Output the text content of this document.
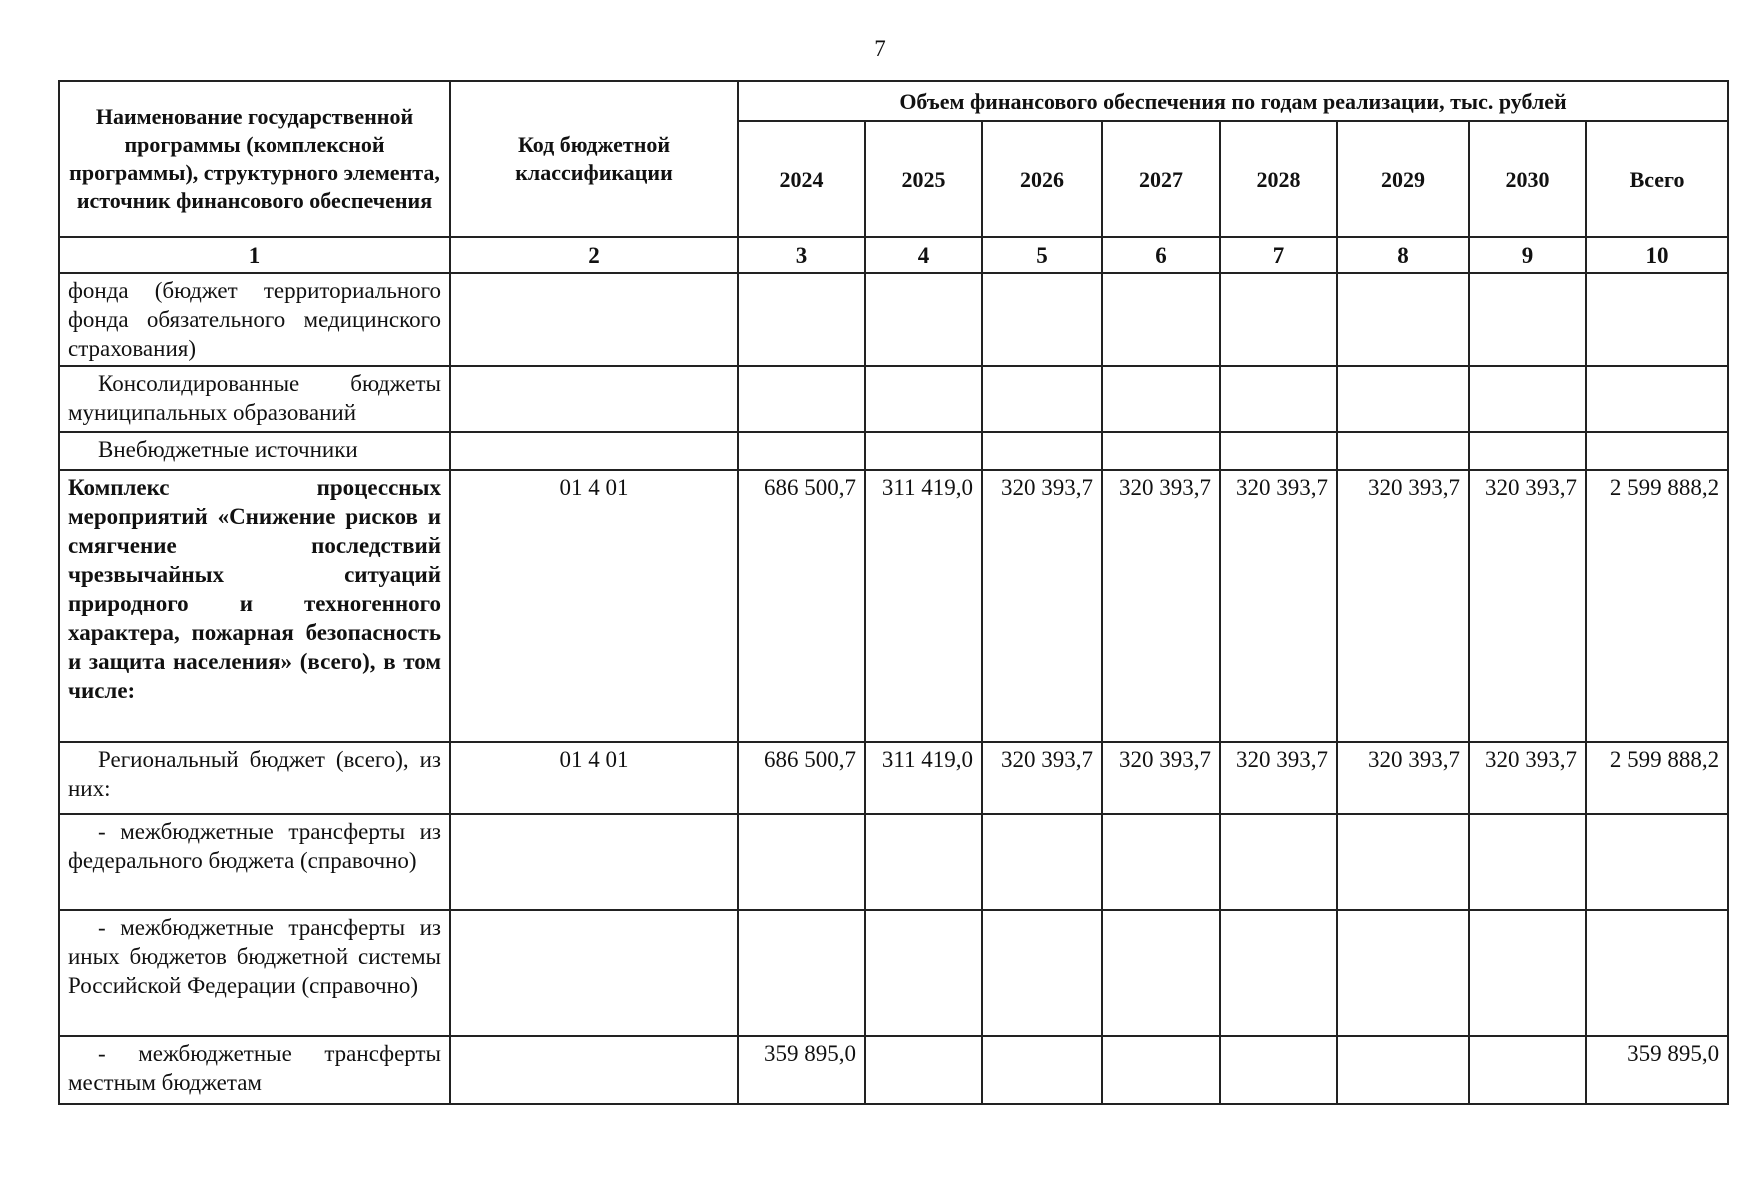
7
Наименование государственной программы (комплексной программы), структурного элемента, источник финансового обеспечения	Код бюджетной классификации	Объем финансового обеспечения по годам реализации, тыс. рублей							
		2024	2025	2026	2027	2028	2029	2030	Всего
1	2	3	4	5	6	7	8	9	10
фонда (бюджет территориального фонда обязательного медицинского страхования)									
Консолидированные бюджеты муниципальных образований									
Внебюджетные источники									
Комплекс процессных мероприятий «Снижение рисков и смягчение последствий чрезвычайных ситуаций природного и техногенного характера, пожарная безопасность и защита населения» (всего), в том числе:	01 4 01	686 500,7	311 419,0	320 393,7	320 393,7	320 393,7	320 393,7	320 393,7	2 599 888,2
Региональный бюджет (всего), из них:	01 4 01	686 500,7	311 419,0	320 393,7	320 393,7	320 393,7	320 393,7	320 393,7	2 599 888,2
- межбюджетные трансферты из федерального бюджета (справочно)									
- межбюджетные трансферты из иных бюджетов бюджетной системы Российской Федерации (справочно)									
- межбюджетные трансферты местным бюджетам		359 895,0							359 895,0
